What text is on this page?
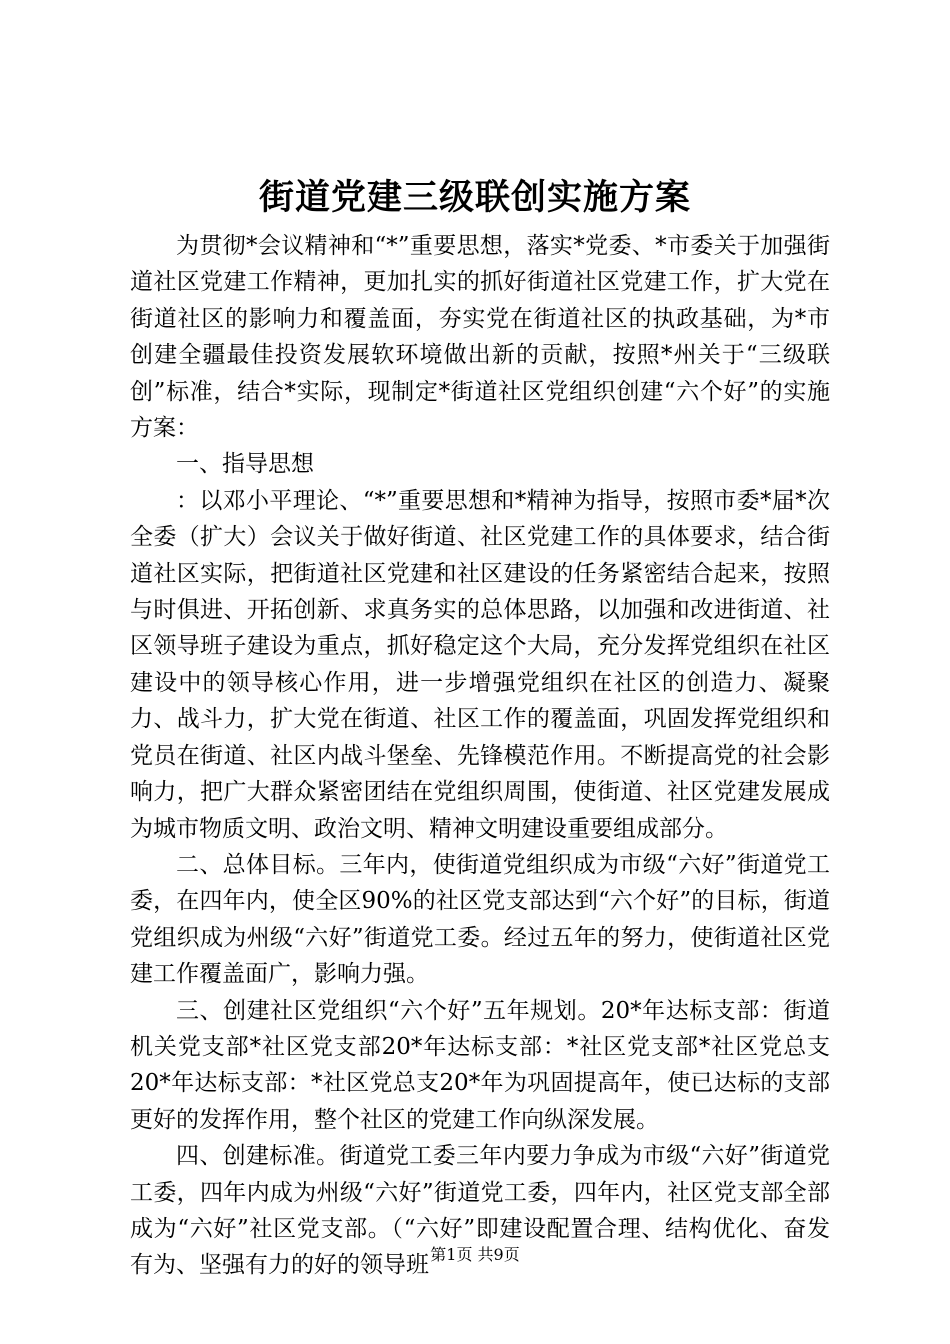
街道党建三级联创实施方案

为贯彻*会议精神和“*”重要思想，落实*党委、*市委关于加强街道社区党建工作精神，更加扎实的抓好街道社区党建工作，扩大党在街道社区的影响力和覆盖面，夯实党在街道社区的执政基础，为*市创建全疆最佳投资发展软环境做出新的贡献，按照*州关于“三级联创”标准，结合*实际，现制定*街道社区党组织创建“六个好”的实施方案：

一、指导思想

：以邓小平理论、“*”重要思想和*精神为指导，按照市委*届*次全委（扩大）会议关于做好街道、社区党建工作的具体要求，结合街道社区实际，把街道社区党建和社区建设的任务紧密结合起来，按照与时俱进、开拓创新、求真务实的总体思路，以加强和改进街道、社区领导班子建设为重点，抓好稳定这个大局，充分发挥党组织在社区建设中的领导核心作用，进一步增强党组织在社区的创造力、凝聚力、战斗力，扩大党在街道、社区工作的覆盖面，巩固发挥党组织和党员在街道、社区内战斗堡垒、先锋模范作用。不断提高党的社会影响力，把广大群众紧密团结在党组织周围，使街道、社区党建发展成为城市物质文明、政治文明、精神文明建设重要组成部分。

二、总体目标。三年内，使街道党组织成为市级“六好”街道党工委，在四年内，使全区90%的社区党支部达到“六个好”的目标，街道党组织成为州级“六好”街道党工委。经过五年的努力，使街道社区党建工作覆盖面广，影响力强。

三、创建社区党组织“六个好”五年规划。20*年达标支部：街道机关党支部*社区党支部20*年达标支部：*社区党支部*社区党总支20*年达标支部：*社区党总支20*年为巩固提高年，使已达标的支部更好的发挥作用，整个社区的党建工作向纵深发展。

四、创建标准。街道党工委三年内要力争成为市级“六好”街道党工委，四年内成为州级“六好”街道党工委，四年内，社区党支部全部成为“六好”社区党支部。（“六好”即建设配置合理、结构优化、奋发有为、坚强有力的好的领导班 第1页 共9页
